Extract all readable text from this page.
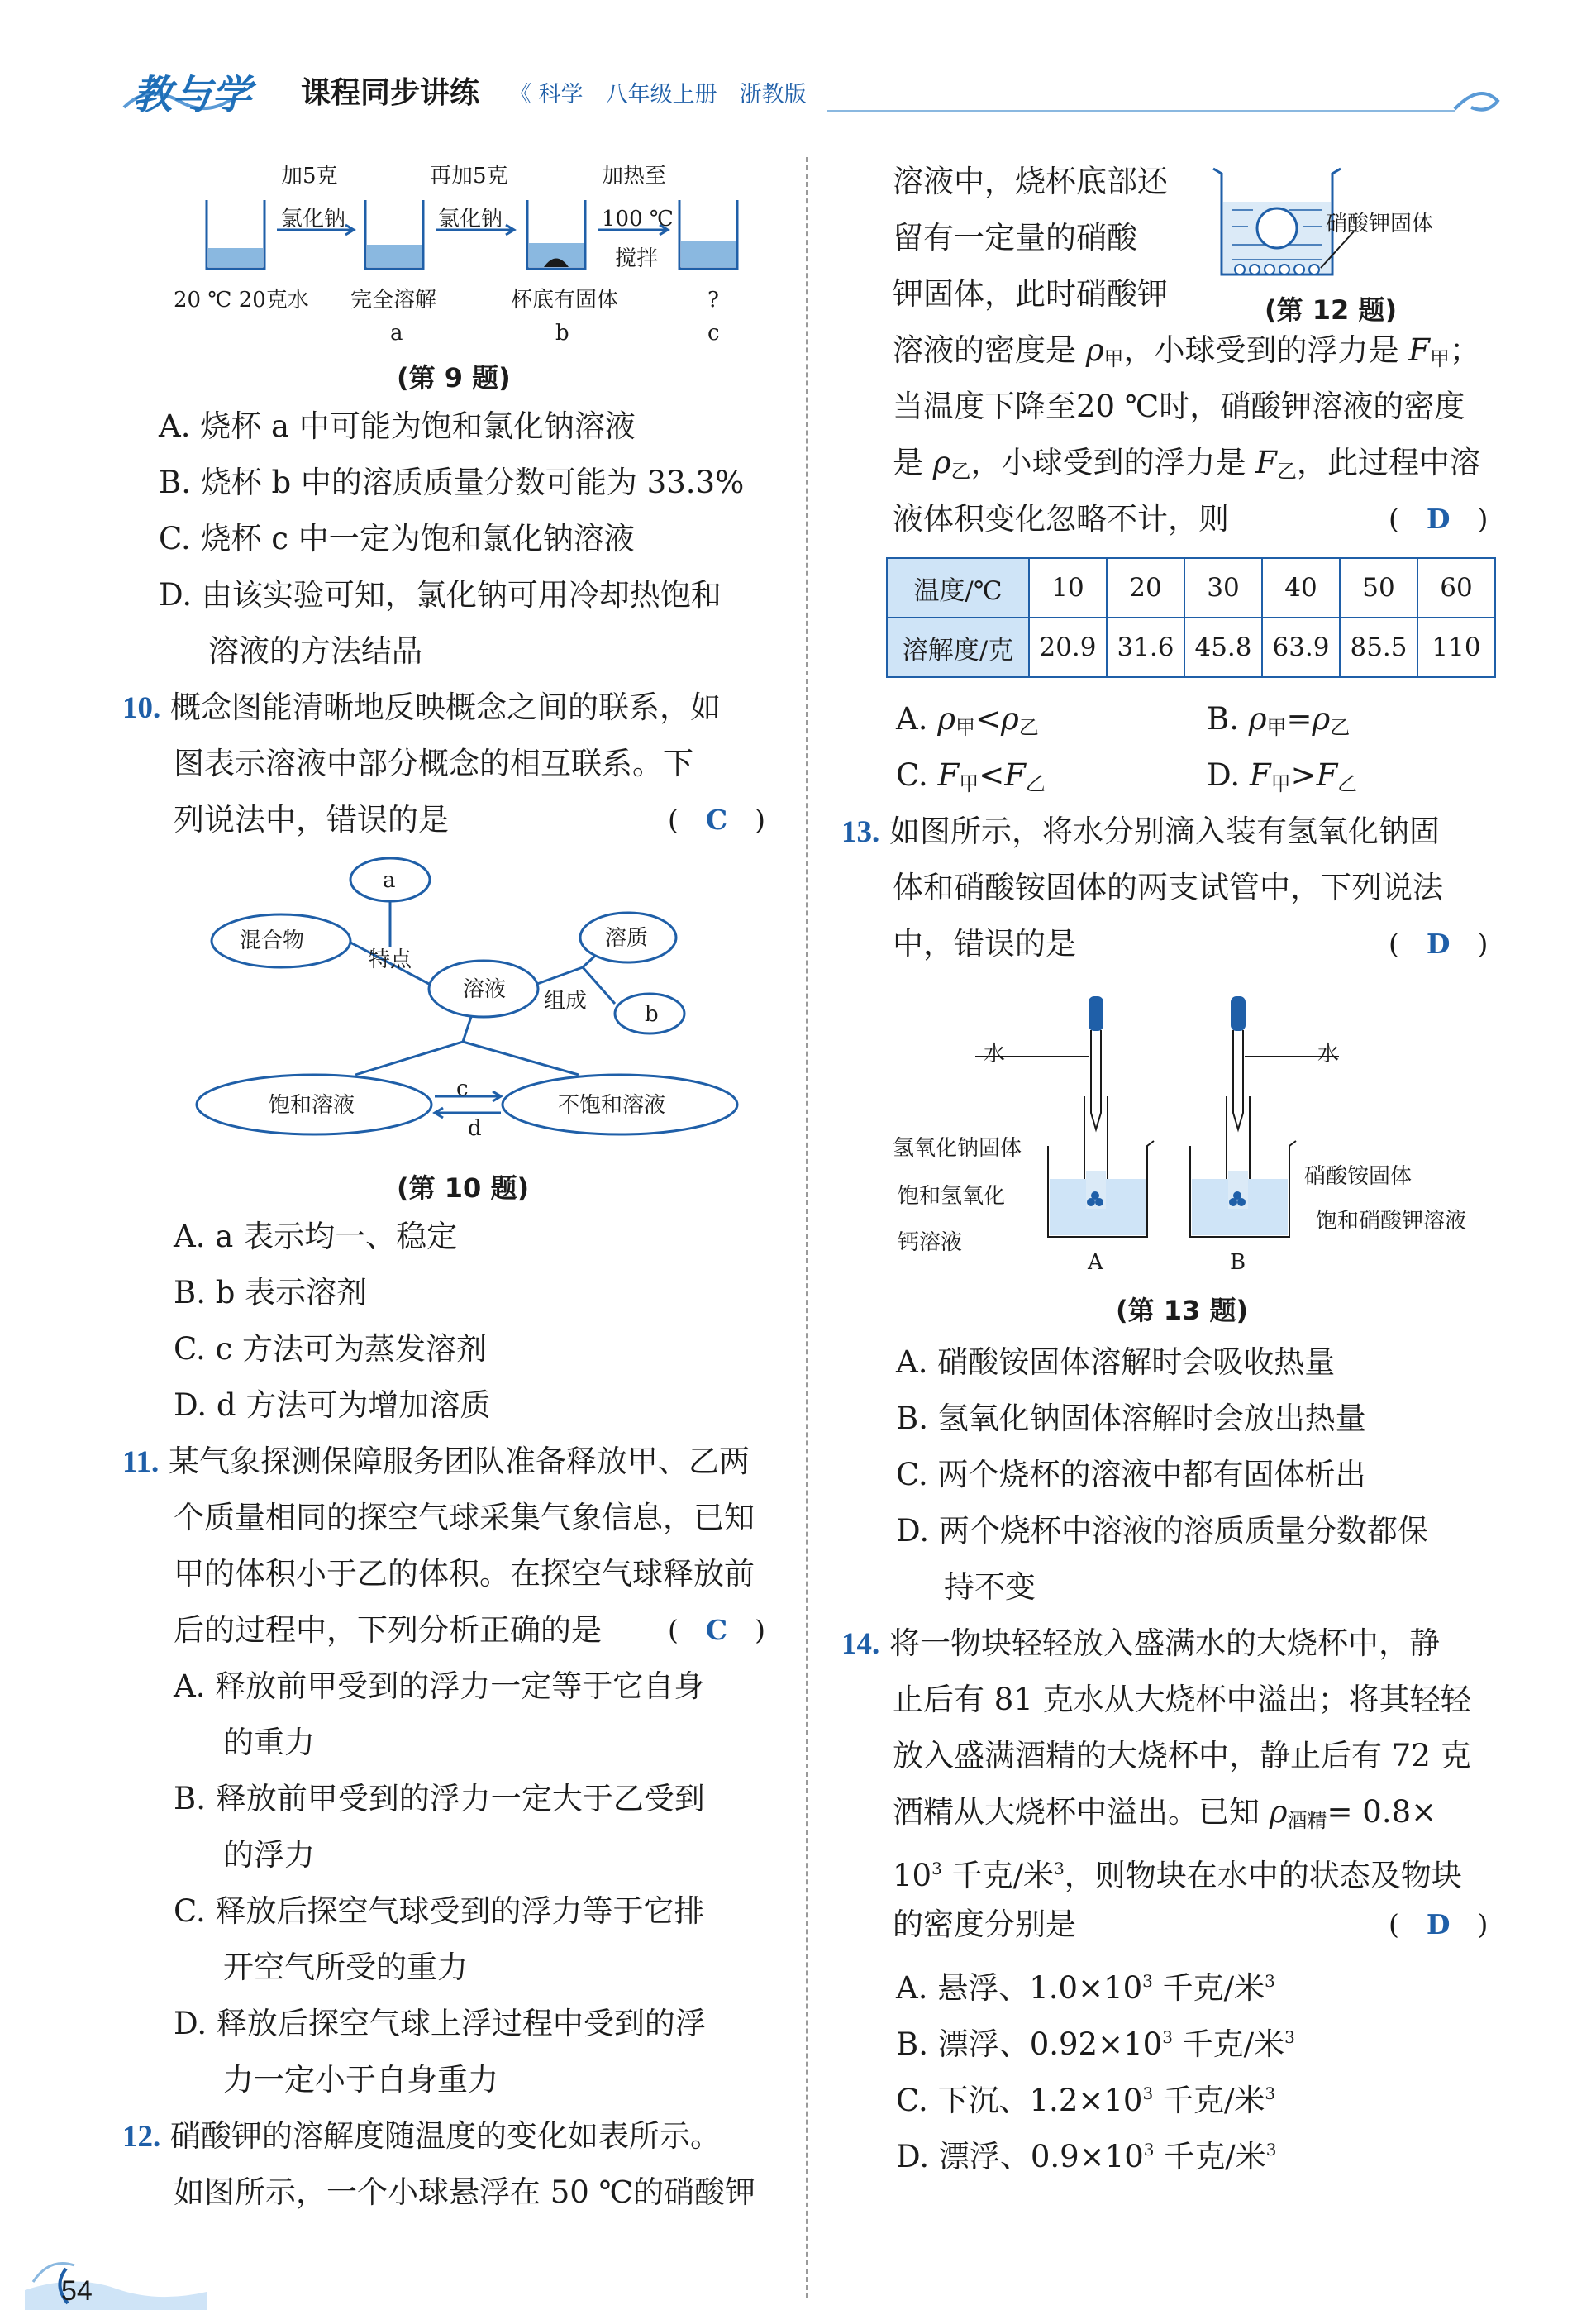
教与学 课程同步讲练 《 科学　八年级上册　浙教版
加5克
氯化钠
再加5克
氯化钠
加热至
100 ℃
搅拌
20 ℃ 20克水 完全溶解
a
杯底有固体
b
?
c
(第 9 题)
A. 烧杯 a 中可能为饱和氯化钠溶液
B. 烧杯 b 中的溶质质量分数可能为 33.3%
C. 烧杯 c 中一定为饱和氯化钠溶液
D. 由该实验可知，氯化钠可用冷却热饱和
溶液的方法结晶
10. 概念图能清晰地反映概念之间的联系，如
图表示溶液中部分概念的相互联系。下
列说法中，错误的是	(　C　)
a
混合物
特点
溶液
溶质
组成
b
饱和溶液	不饱和溶液
c
d
(第 10 题)
A. a 表示均一、稳定
B. b 表示溶剂
C. c 方法可为蒸发溶剂
D. d 方法可为增加溶质
11. 某气象探测保障服务团队准备释放甲、乙两
个质量相同的探空气球采集气象信息，已知
甲的体积小于乙的体积。在探空气球释放前
后的过程中，下列分析正确的是 (　C　)
A. 释放前甲受到的浮力一定等于它自身
的重力
B. 释放前甲受到的浮力一定大于乙受到
的浮力
C. 释放后探空气球受到的浮力等于它排
开空气所受的重力
D. 释放后探空气球上浮过程中受到的浮
力一定小于自身重力
12. 硝酸钾的溶解度随温度的变化如表所示。
如图所示，一个小球悬浮在 50 ℃的硝酸钾
54
溶液中，烧杯底部还
留有一定量的硝酸
钾固体，此时硝酸钾
硝酸钾固体
(第 12 题)
溶液的密度是 ρ甲，小球受到的浮力是 F甲；
当温度下降至20 ℃时，硝酸钾溶液的密度
是 ρ乙，小球受到的浮力是 F乙，此过程中溶
液体积变化忽略不计，则	(　D　)
温度/℃	10	20	30	40	50	60
溶解度/克	20.9	31.6	45.8	63.9	85.5	110
A. ρ甲<ρ乙	B. ρ甲=ρ乙
C. F甲<F乙	D. F甲>F乙
13. 如图所示，将水分别滴入装有氢氧化钠固
体和硝酸铵固体的两支试管中，下列说法
中，错误的是	(　D　)
水	水
氢氧化钠固体
饱和氢氧化
钙溶液
硝酸铵固体
饱和硝酸钾溶液
A	B
(第 13 题)
A. 硝酸铵固体溶解时会吸收热量
B. 氢氧化钠固体溶解时会放出热量
C. 两个烧杯的溶液中都有固体析出
D. 两个烧杯中溶液的溶质质量分数都保
持不变
14. 将一物块轻轻放入盛满水的大烧杯中，静
止后有 81 克水从大烧杯中溢出；将其轻轻
放入盛满酒精的大烧杯中，静止后有 72 克
酒精从大烧杯中溢出。已知 ρ酒精= 0.8×
$10^3$ 千克/米$^3$，则物块在水中的状态及物块
的密度分别是	(　D　)
A. 悬浮、$1.0\times 10^3$ 千克/米$^3$
B. 漂浮、$0.92\times 10^3$ 千克/米$^3$
C. 下沉、$1.2\times 10^3$ 千克/米$^3$
D. 漂浮、$0.9\times 10^3$ 千克/米$^3$
